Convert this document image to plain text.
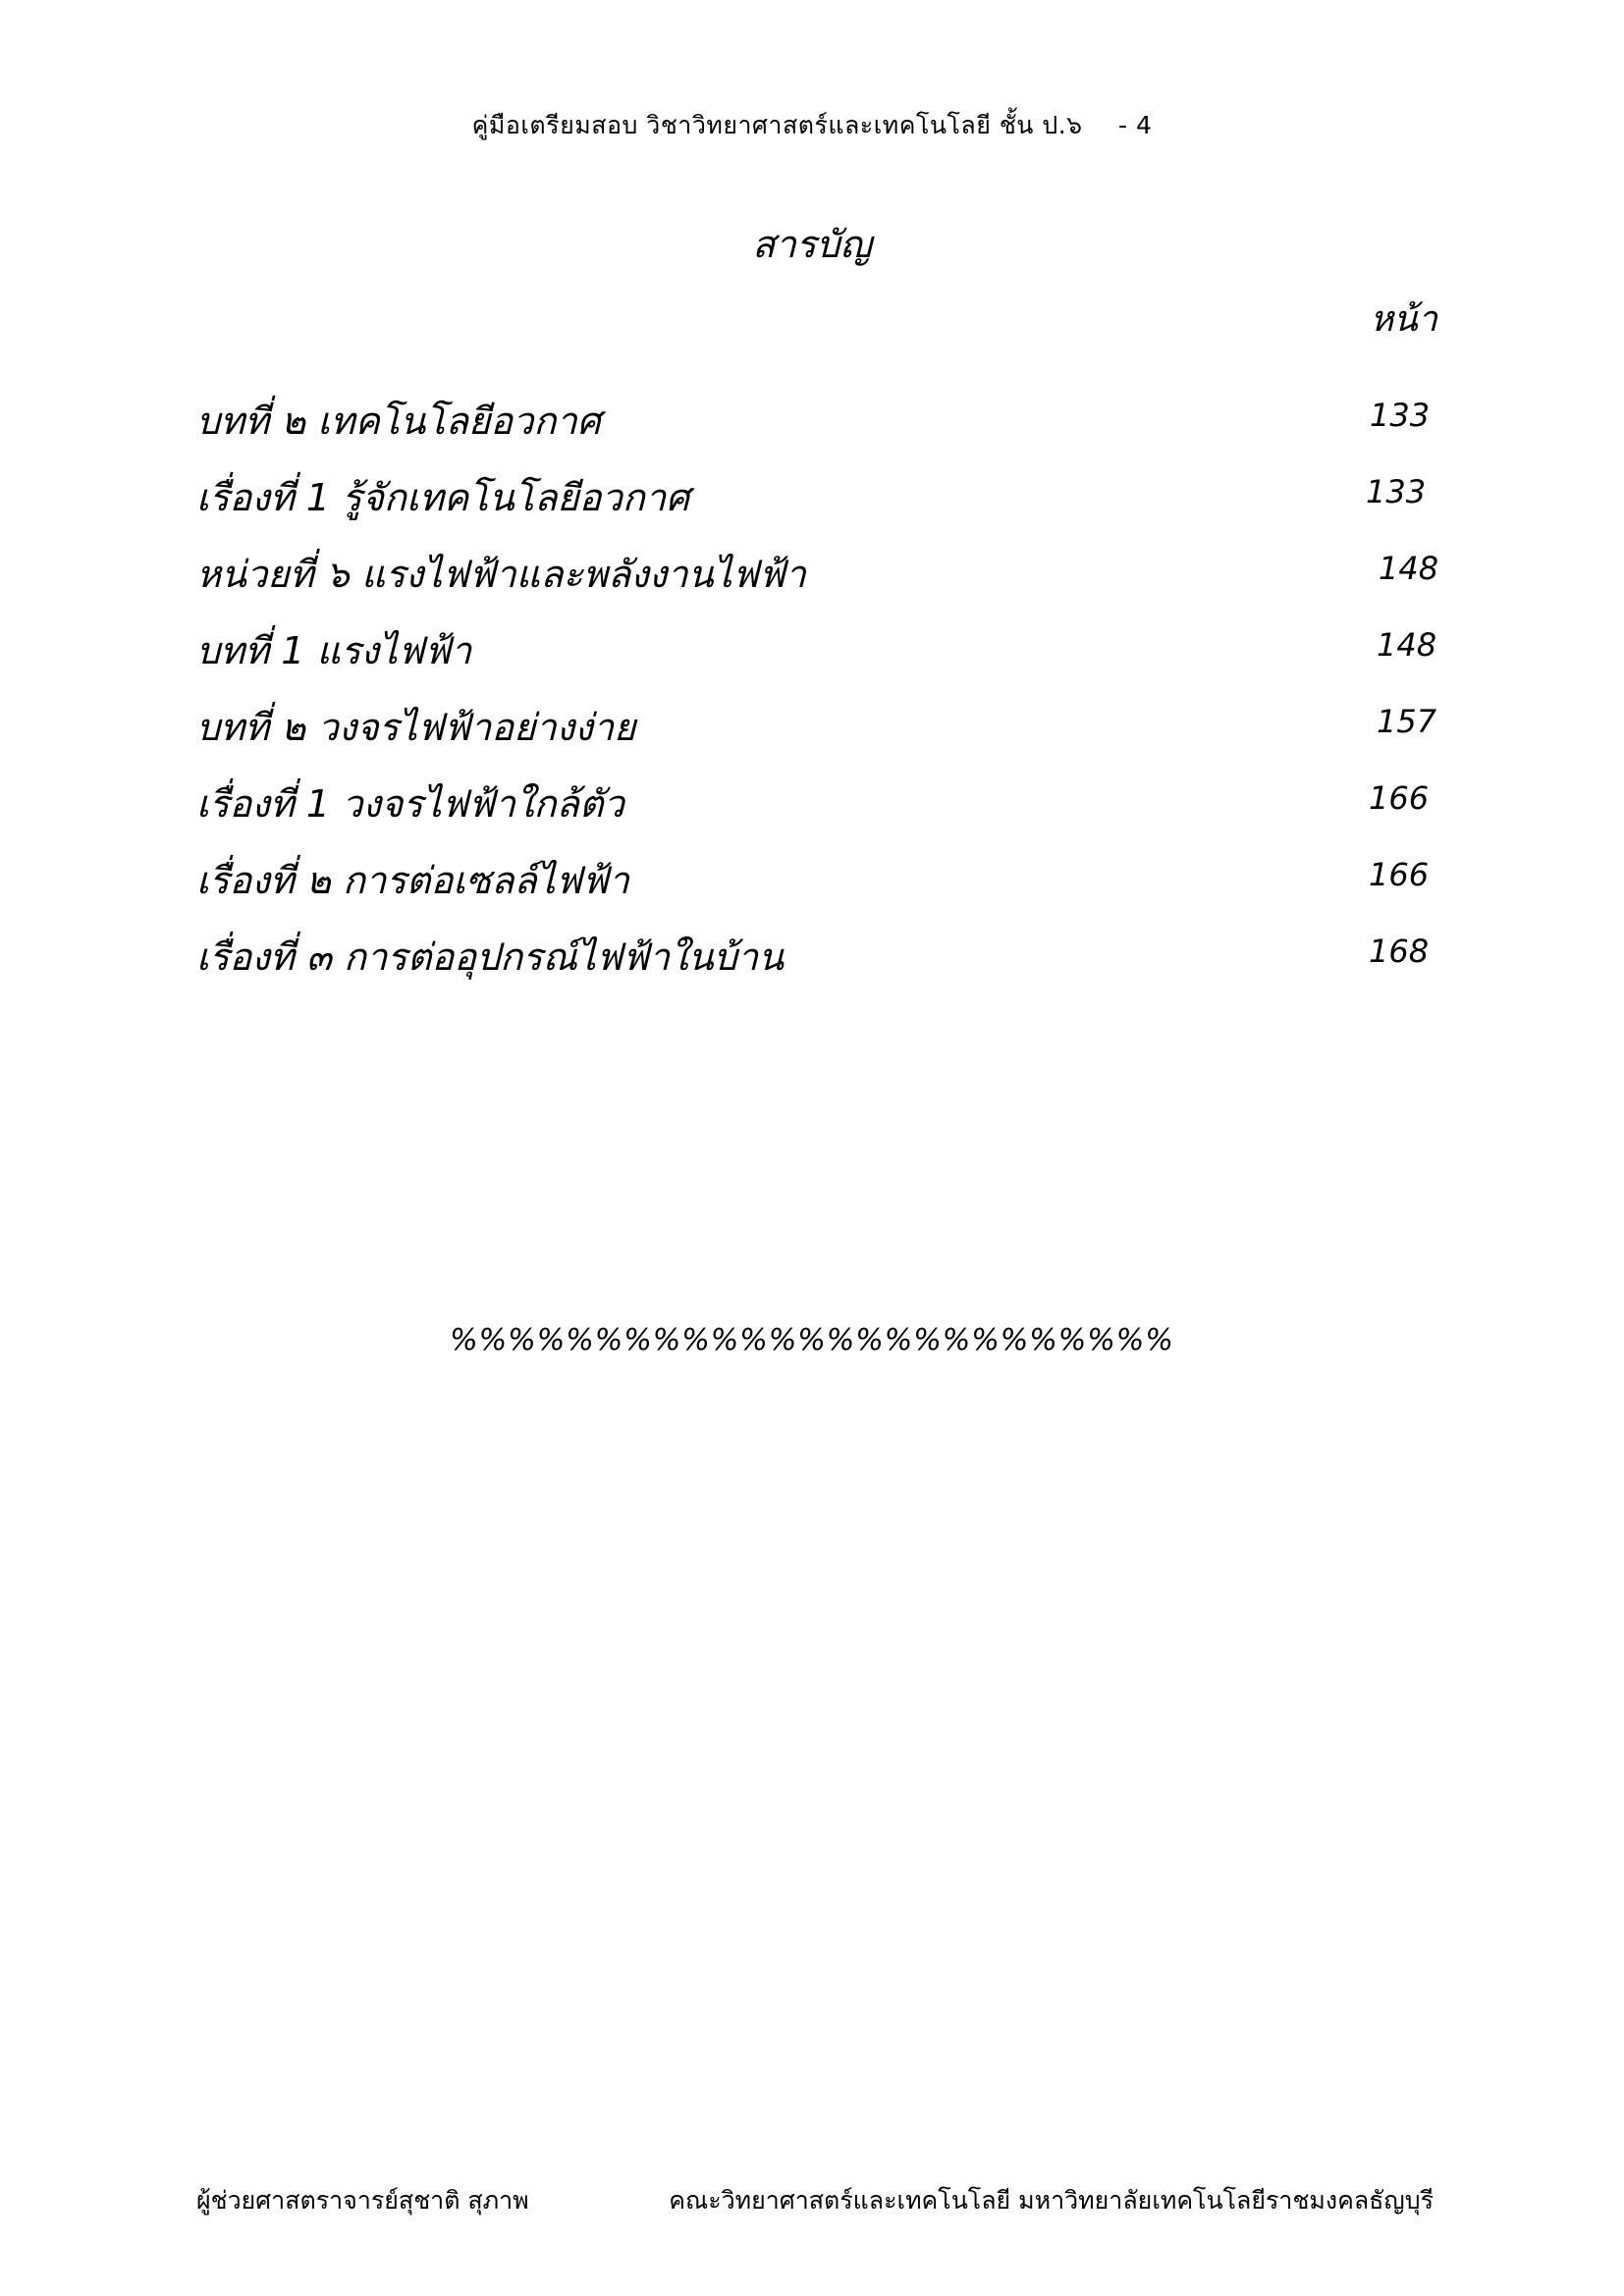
คู่มือเตรียมสอบ วิชาวิทยาศาสตร์และเทคโนโลยี ชั้น ป.๖ - 4
สารบัญ
หน้า
บทที่ ๒ เทคโนโลยีอวกาศ	133
เรื่องที่ 1 รู้จักเทคโนโลยีอวกาศ	133
หน่วยที่ ๖ แรงไฟฟ้าและพลังงานไฟฟ้า	148
บทที่ 1 แรงไฟฟ้า	148
บทที่ ๒ วงจรไฟฟ้าอย่างง่าย	157
เรื่องที่ 1 วงจรไฟฟ้าใกล้ตัว	166
เรื่องที่ ๒ การต่อเซลล์ไฟฟ้า	166
เรื่องที่ ๓ การต่ออุปกรณ์ไฟฟ้าในบ้าน	168
%%%%%%%%%%%%%%%%%%%%%%%%%
ผู้ช่วยศาสตราจารย์สุชาติ สุภาพ	คณะวิทยาศาสตร์และเทคโนโลยี มหาวิทยาลัยเทคโนโลยีราชมงคลธัญบุรี
